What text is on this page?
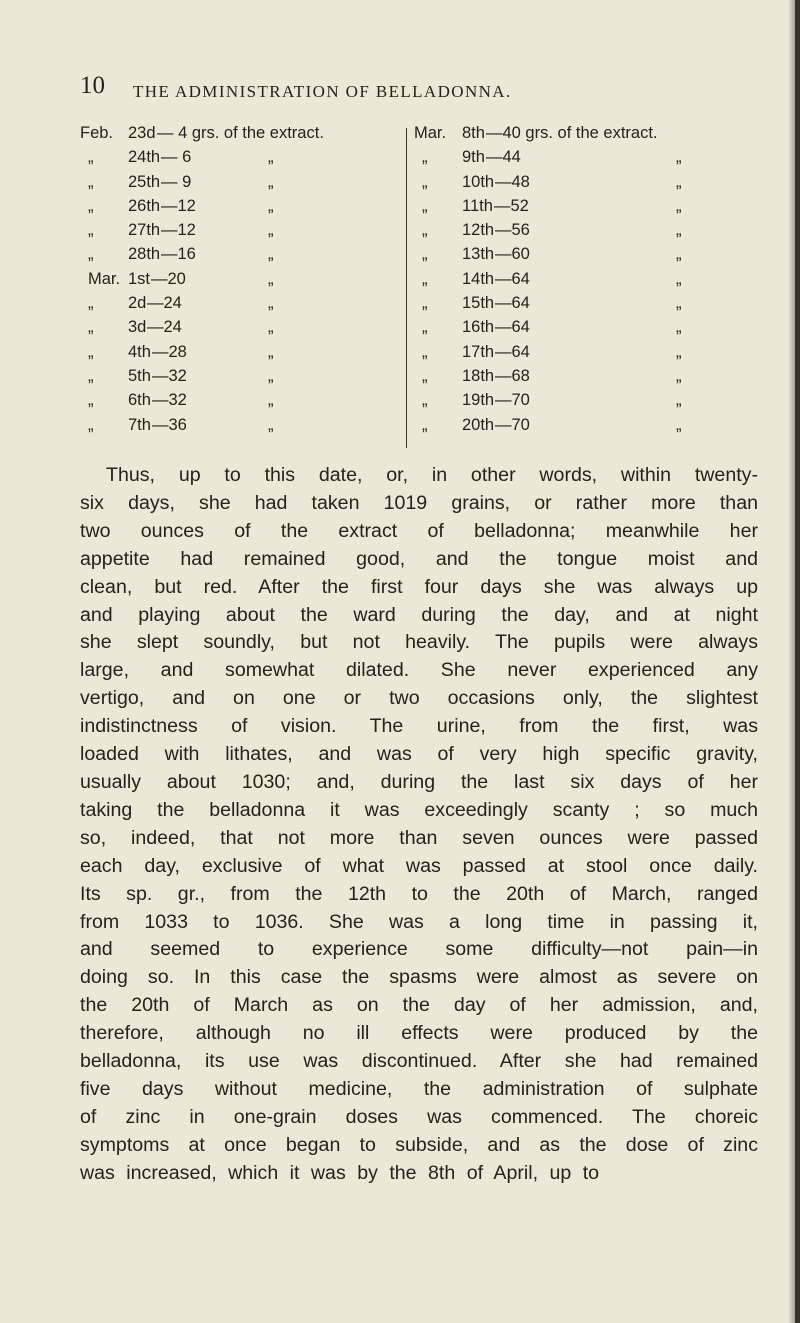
10 THE ADMINISTRATION OF BELLADONNA.
Feb. 23d — 4 grs. of the extract.
„ 24th — 6	„
„ 25th — 9	„
„ 26th —12	„
„ 27th —12	„
„ 28th —16	„
Mar. 1st —20	„
„ 2d —24	„
„ 3d —24	„
„ 4th —28	„
„ 5th —32	„
„ 6th —32	„
„ 7th —36	„
Mar. 8th —40 grs. of the extract.
„ 9th —44	„
„ 10th —48	„
„ 11th —52	„
„ 12th —56	„
„ 13th —60	„
„ 14th —64	„
„ 15th —64	„
„ 16th —64	„
„ 17th —64	„
„ 18th —68	„
„ 19th —70	„
„ 20th —70	„
Thus, up to this date, or, in other words, within twenty-
six days, she had taken 1019 grains, or rather more than
two ounces of the extract of belladonna; meanwhile her
appetite had remained good, and the tongue moist and
clean, but red. After the first four days she was always up
and playing about the ward during the day, and at night
she slept soundly, but not heavily. The pupils were always
large, and somewhat dilated. She never experienced any
vertigo, and on one or two occasions only, the slightest
indistinctness of vision. The urine, from the first, was
loaded with lithates, and was of very high specific gravity,
usually about 1030; and, during the last six days of her
taking the belladonna it was exceedingly scanty ; so much
so, indeed, that not more than seven ounces were passed
each day, exclusive of what was passed at stool once daily.
Its sp. gr., from the 12th to the 20th of March, ranged
from 1033 to 1036. She was a long time in passing it,
and seemed to experience some difficulty—not pain—in
doing so. In this case the spasms were almost as severe on
the 20th of March as on the day of her admission, and,
therefore, although no ill effects were produced by the
belladonna, its use was discontinued. After she had remained
five days without medicine, the administration of sulphate
of zinc in one-grain doses was commenced. The choreic
symptoms at once began to subside, and as the dose of zinc
was increased, which it was by the 8th of April, up to
